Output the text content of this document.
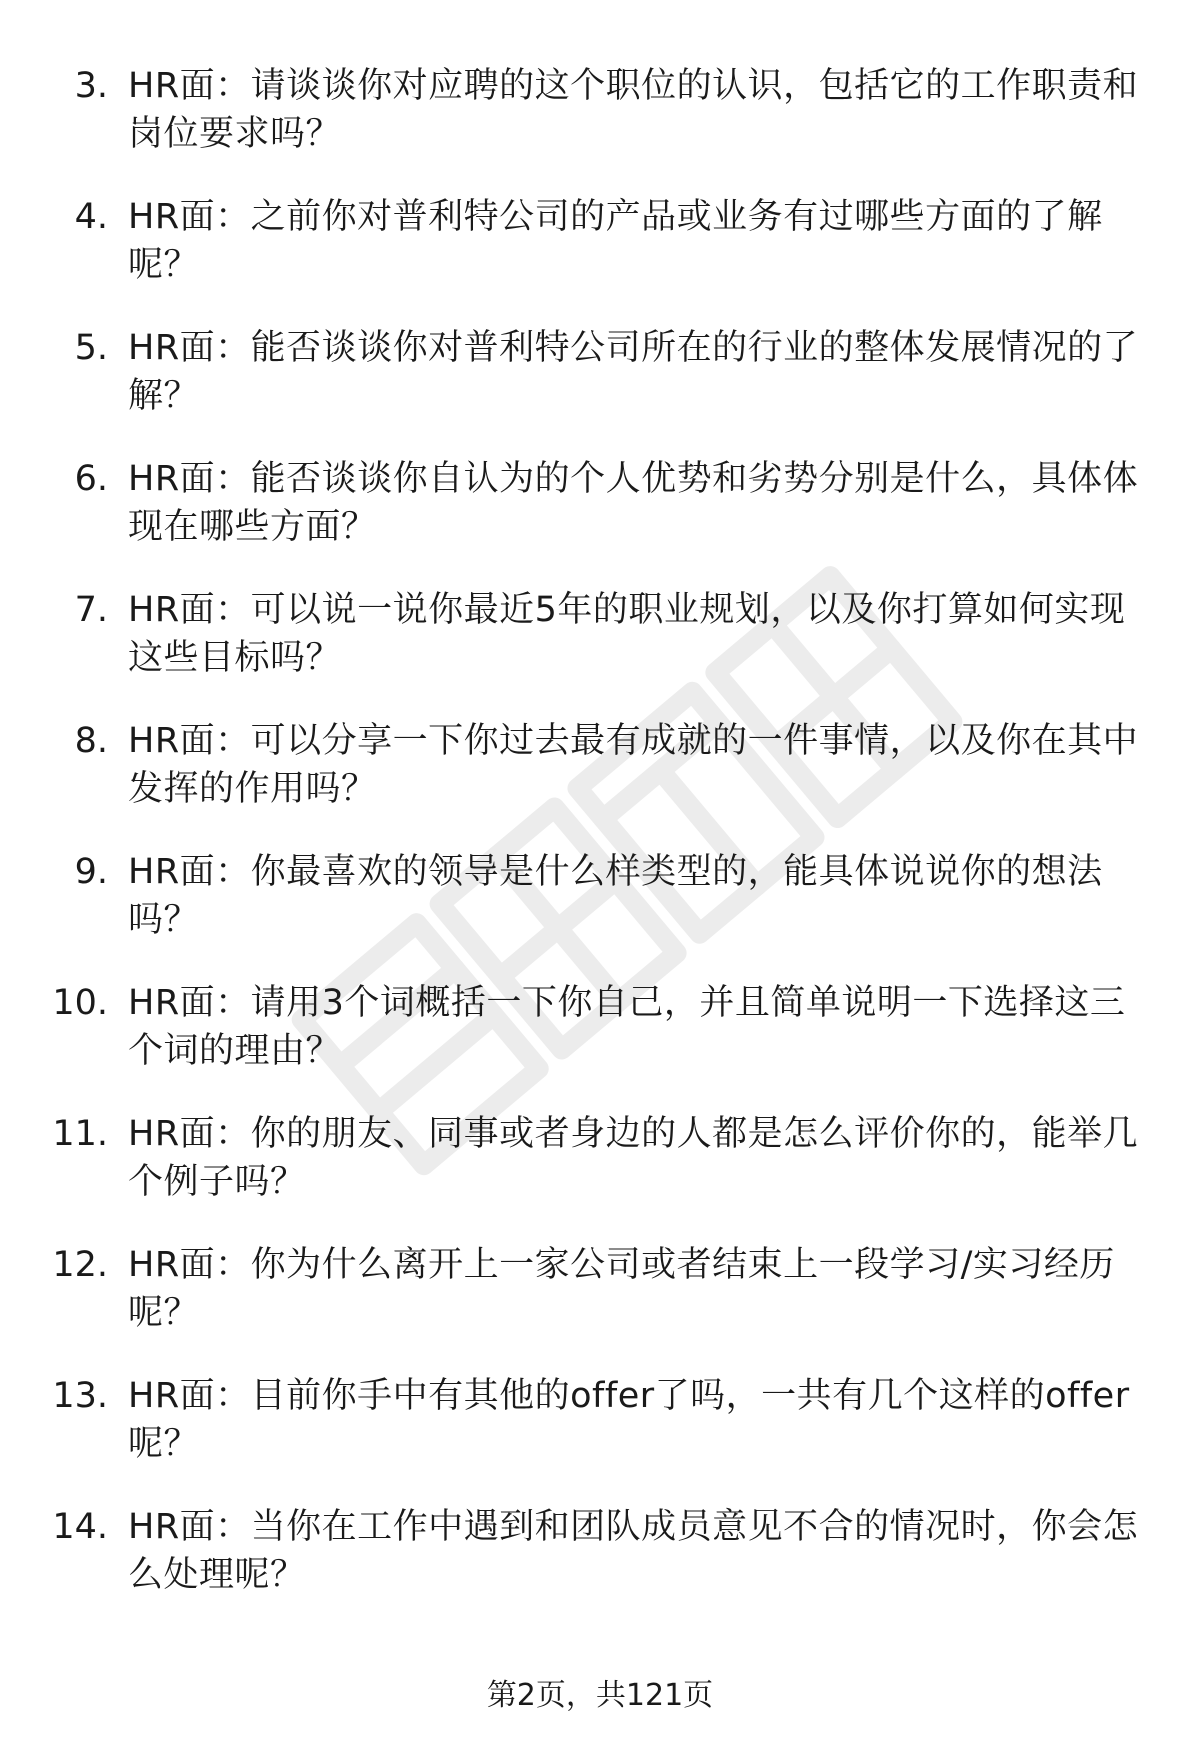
3. HR面：请谈谈你对应聘的这个职位的认识，包括它的工作职责和岗位要求吗？
4. HR面：之前你对普利特公司的产品或业务有过哪些方面的了解呢？
5. HR面：能否谈谈你对普利特公司所在的行业的整体发展情况的了解？
6. HR面：能否谈谈你自认为的个人优势和劣势分别是什么，具体体现在哪些方面？
7. HR面：可以说一说你最近5年的职业规划，以及你打算如何实现这些目标吗？
8. HR面：可以分享一下你过去最有成就的一件事情，以及你在其中发挥的作用吗？
9. HR面：你最喜欢的领导是什么样类型的，能具体说说你的想法吗？
10. HR面：请用3个词概括一下你自己，并且简单说明一下选择这三个词的理由？
11. HR面：你的朋友、同事或者身边的人都是怎么评价你的，能举几个例子吗？
12. HR面：你为什么离开上一家公司或者结束上一段学习/实习经历呢？
13. HR面：目前你手中有其他的offer了吗，一共有几个这样的offer呢？
14. HR面：当你在工作中遇到和团队成员意见不合的情况时，你会怎么处理呢？
第2页，共121页
